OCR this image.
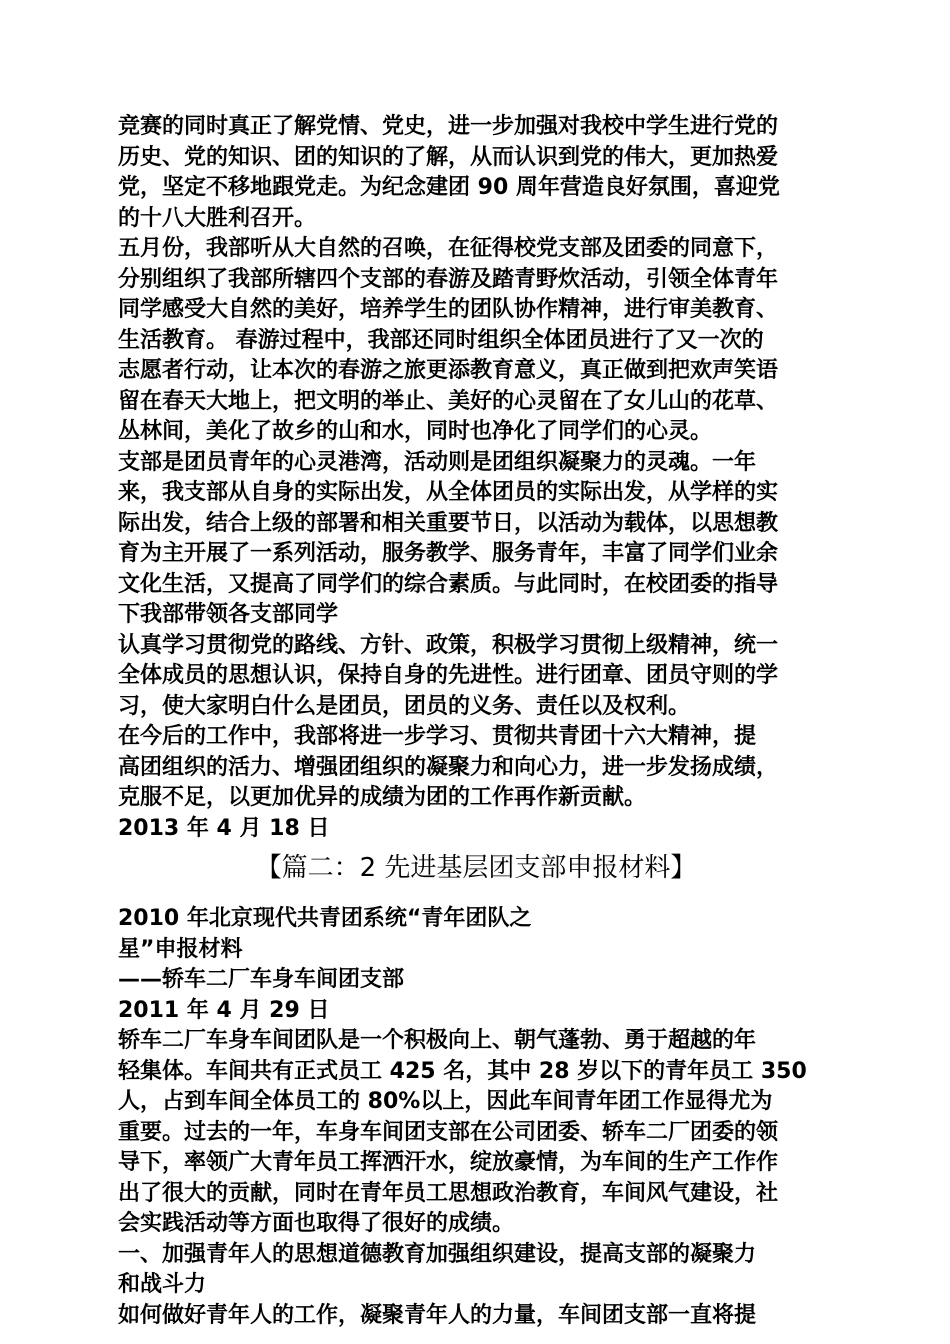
竞赛的同时真正了解党情、党史，进一步加强对我校中学生进行党的
历史、党的知识、团的知识的了解，从而认识到党的伟大，更加热爱
党，坚定不移地跟党走。为纪念建团 90 周年营造良好氛围，喜迎党
的十八大胜利召开。
五月份，我部听从大自然的召唤，在征得校党支部及团委的同意下，
分别组织了我部所辖四个支部的春游及踏青野炊活动，引领全体青年
同学感受大自然的美好，培养学生的团队协作精神，进行审美教育、
生活教育。 春游过程中，我部还同时组织全体团员进行了又一次的
志愿者行动，让本次的春游之旅更添教育意义，真正做到把欢声笑语
留在春天大地上，把文明的举止、美好的心灵留在了女儿山的花草、
丛林间，美化了故乡的山和水，同时也净化了同学们的心灵。
支部是团员青年的心灵港湾，活动则是团组织凝聚力的灵魂。一年
来，我支部从自身的实际出发，从全体团员的实际出发，从学样的实
际出发，结合上级的部署和相关重要节日，以活动为载体，以思想教
育为主开展了一系列活动，服务教学、服务青年，丰富了同学们业余
文化生活，又提高了同学们的综合素质。与此同时，在校团委的指导
下我部带领各支部同学
认真学习贯彻党的路线、方针、政策，积极学习贯彻上级精神，统一
全体成员的思想认识，保持自身的先进性。进行团章、团员守则的学
习，使大家明白什么是团员，团员的义务、责任以及权利。
在今后的工作中，我部将进一步学习、贯彻共青团十六大精神，提
高团组织的活力、增强团组织的凝聚力和向心力，进一步发扬成绩，
克服不足，以更加优异的成绩为团的工作再作新贡献。
2013 年 4 月 18 日
【篇二：2 先进基层团支部申报材料】
2010 年北京现代共青团系统“青年团队之
星”申报材料
——轿车二厂车身车间团支部
2011 年 4 月 29 日
轿车二厂车身车间团队是一个积极向上、朝气蓬勃、勇于超越的年
轻集体。车间共有正式员工 425 名，其中 28 岁以下的青年员工 350
人，占到车间全体员工的 80%以上，因此车间青年团工作显得尤为
重要。过去的一年，车身车间团支部在公司团委、轿车二厂团委的领
导下，率领广大青年员工挥洒汗水，绽放豪情，为车间的生产工作作
出了很大的贡献，同时在青年员工思想政治教育，车间风气建设，社
会实践活动等方面也取得了很好的成绩。
一、加强青年人的思想道德教育加强组织建设，提高支部的凝聚力
和战斗力
如何做好青年人的工作，凝聚青年人的力量，车间团支部一直将提
